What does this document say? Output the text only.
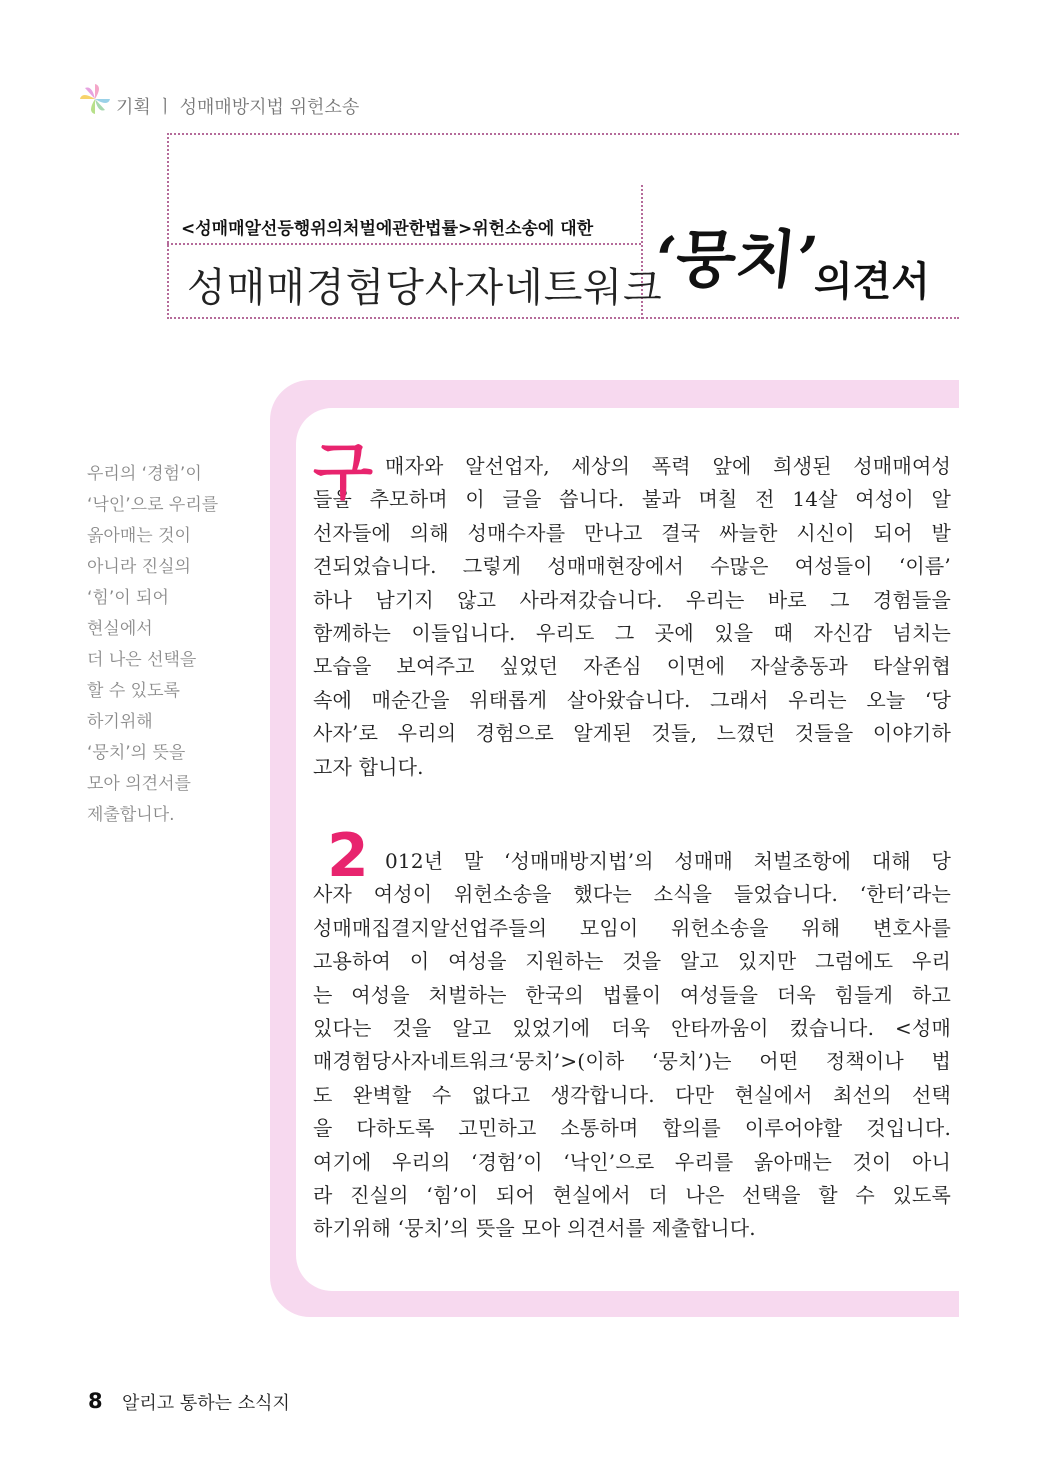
기획 ㅣ 성매매방지법 위헌소송
<성매매알선등행위의처벌에관한법률>위헌소송에 대한
성매매경험당사자네트워크
‘뭉치’
의견서
우리의 ‘경험’이
‘낙인’으로 우리를
옭아매는 것이
아니라 진실의
‘힘’이 되어
현실에서
더 나은 선택을
할 수 있도록
하기위해
‘뭉치’의 뜻을
모아 의견서를
제출합니다.
구 매자와 알선업자, 세상의 폭력 앞에 희생된 성매매여성
들을 추모하며 이 글을 씁니다. 불과 며칠 전 14살 여성이 알
선자들에 의해 성매수자를 만나고 결국 싸늘한 시신이 되어 발
견되었습니다. 그렇게 성매매현장에서 수많은 여성들이 ‘이름’
하나 남기지 않고 사라져갔습니다. 우리는 바로 그 경험들을
함께하는 이들입니다. 우리도 그 곳에 있을 때 자신감 넘치는
모습을 보여주고 싶었던 자존심 이면에 자살충동과 타살위협
속에 매순간을 위태롭게 살아왔습니다. 그래서 우리는 오늘 ‘당
사자’로 우리의 경험으로 알게된 것들, 느꼈던 것들을 이야기하
고자 합니다.
2 012년 말 ‘성매매방지법’의 성매매 처벌조항에 대해 당
사자 여성이 위헌소송을 했다는 소식을 들었습니다. ‘한터’라는
성매매집결지알선업주들의 모임이 위헌소송을 위해 변호사를
고용하여 이 여성을 지원하는 것을 알고 있지만 그럼에도 우리
는 여성을 처벌하는 한국의 법률이 여성들을 더욱 힘들게 하고
있다는 것을 알고 있었기에 더욱 안타까움이 컸습니다. <성매
매경험당사자네트워크‘뭉치’>(이하 ‘뭉치’)는 어떤 정책이나 법
도 완벽할 수 없다고 생각합니다. 다만 현실에서 최선의 선택
을 다하도록 고민하고 소통하며 합의를 이루어야할 것입니다.
여기에 우리의 ‘경험’이 ‘낙인’으로 우리를 옭아매는 것이 아니
라 진실의 ‘힘’이 되어 현실에서 더 나은 선택을 할 수 있도록
하기위해 ‘뭉치’의 뜻을 모아 의견서를 제출합니다.
8 알리고 통하는 소식지
